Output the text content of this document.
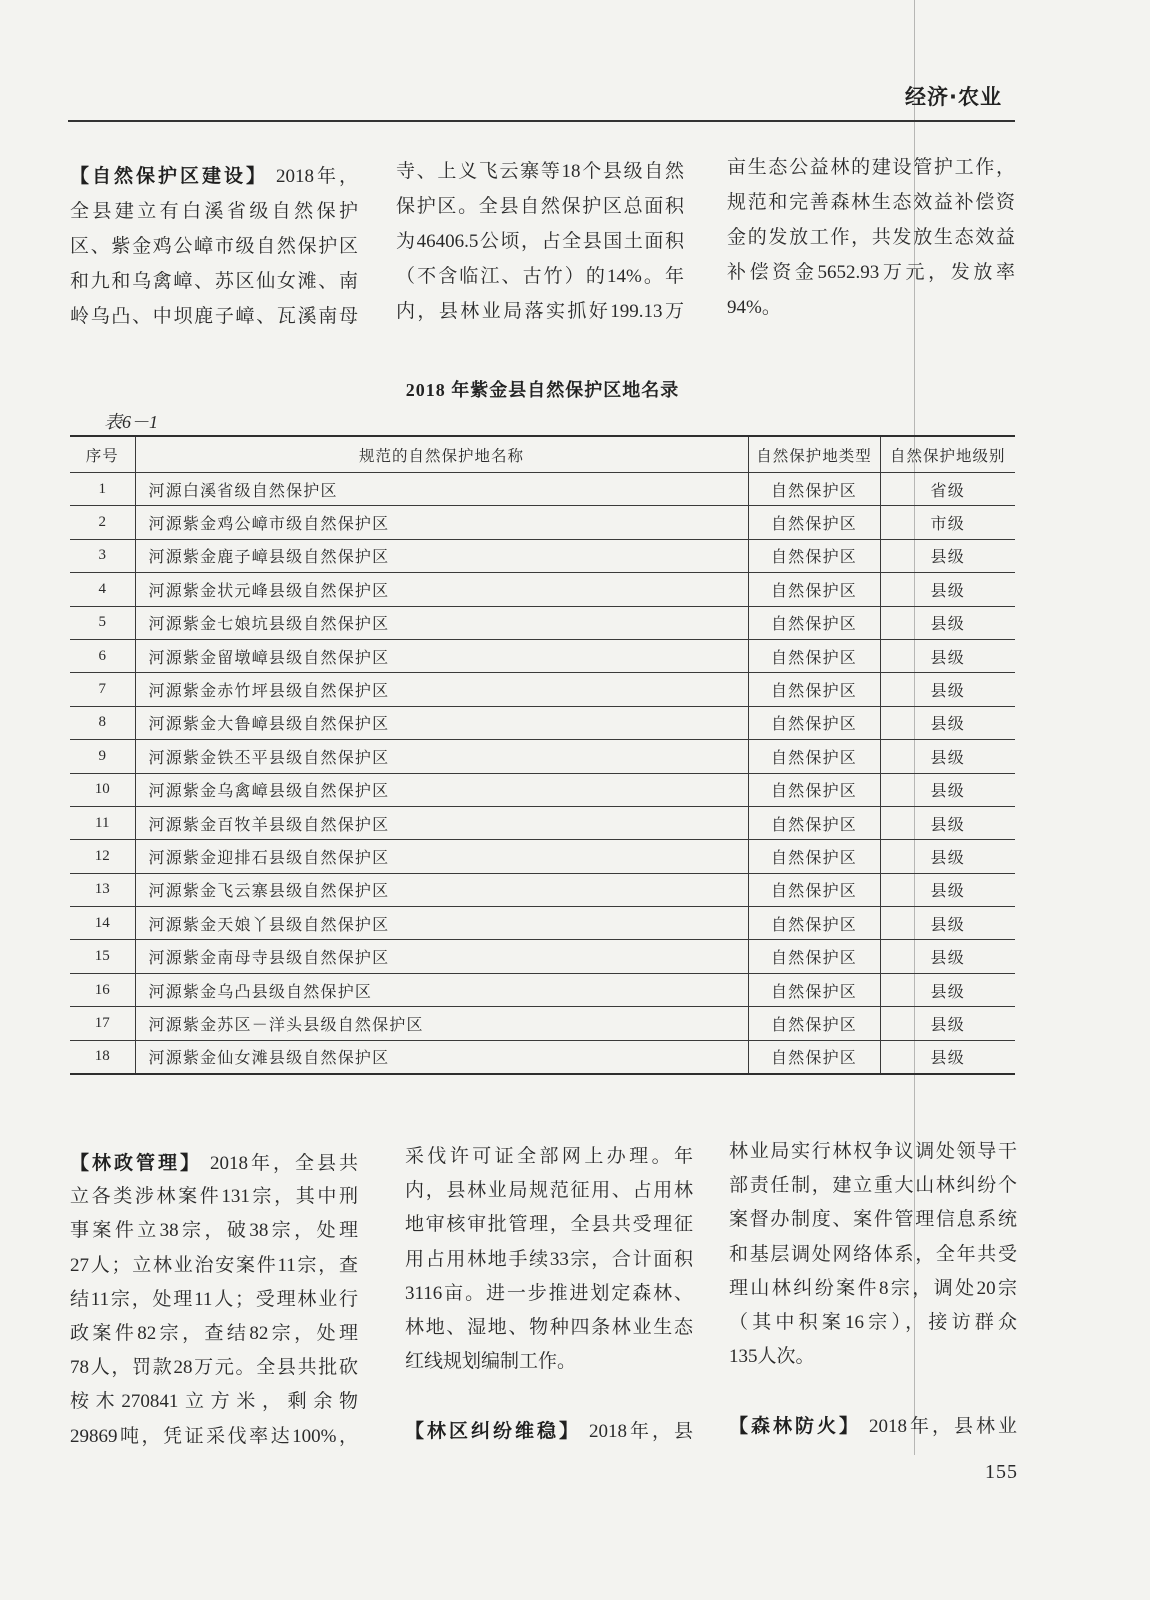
经济·农业
【自然保护区建设】 2018年，
全县建立有白溪省级自然保护
区、紫金鸡公嶂市级自然保护区
和九和乌禽嶂、苏区仙女滩、南
岭乌凸、中坝鹿子嶂、瓦溪南母
寺、上义飞云寨等18个县级自然
保护区。全县自然保护区总面积
为46406.5公顷，占全县国土面积
（不含临江、古竹）的14%。年
内，县林业局落实抓好199.13万
亩生态公益林的建设管护工作，
规范和完善森林生态效益补偿资
金的发放工作，共发放生态效益
补偿资金5652.93万元，发放率
94%。
2018 年紫金县自然保护区地名录
表6－1
序号	规范的自然保护地名称	自然保护地类型	自然保护地级别
1	河源白溪省级自然保护区	自然保护区	省级
2	河源紫金鸡公嶂市级自然保护区	自然保护区	市级
3	河源紫金鹿子嶂县级自然保护区	自然保护区	县级
4	河源紫金状元峰县级自然保护区	自然保护区	县级
5	河源紫金七娘坑县级自然保护区	自然保护区	县级
6	河源紫金留墩嶂县级自然保护区	自然保护区	县级
7	河源紫金赤竹坪县级自然保护区	自然保护区	县级
8	河源紫金大鲁嶂县级自然保护区	自然保护区	县级
9	河源紫金铁丕平县级自然保护区	自然保护区	县级
10	河源紫金乌禽嶂县级自然保护区	自然保护区	县级
11	河源紫金百牧羊县级自然保护区	自然保护区	县级
12	河源紫金迎排石县级自然保护区	自然保护区	县级
13	河源紫金飞云寨县级自然保护区	自然保护区	县级
14	河源紫金天娘丫县级自然保护区	自然保护区	县级
15	河源紫金南母寺县级自然保护区	自然保护区	县级
16	河源紫金乌凸县级自然保护区	自然保护区	县级
17	河源紫金苏区－洋头县级自然保护区	自然保护区	县级
18	河源紫金仙女滩县级自然保护区	自然保护区	县级
【林政管理】 2018年，全县共
立各类涉林案件131宗，其中刑
事案件立38宗，破38宗，处理
27人；立林业治安案件11宗，查
结11宗，处理11人；受理林业行
政案件82宗，查结82宗，处理
78人，罚款28万元。全县共批砍
桉木270841立方米，剩余物
29869吨，凭证采伐率达100%，
采伐许可证全部网上办理。年
内，县林业局规范征用、占用林
地审核审批管理，全县共受理征
用占用林地手续33宗，合计面积
3116亩。进一步推进划定森林、
林地、湿地、物种四条林业生态
红线规划编制工作。
【林区纠纷维稳】 2018年，县
林业局实行林权争议调处领导干
部责任制，建立重大山林纠纷个
案督办制度、案件管理信息系统
和基层调处网络体系，全年共受
理山林纠纷案件8宗，调处20宗
（其中积案16宗），接访群众
135人次。
【森林防火】 2018年，县林业
155
